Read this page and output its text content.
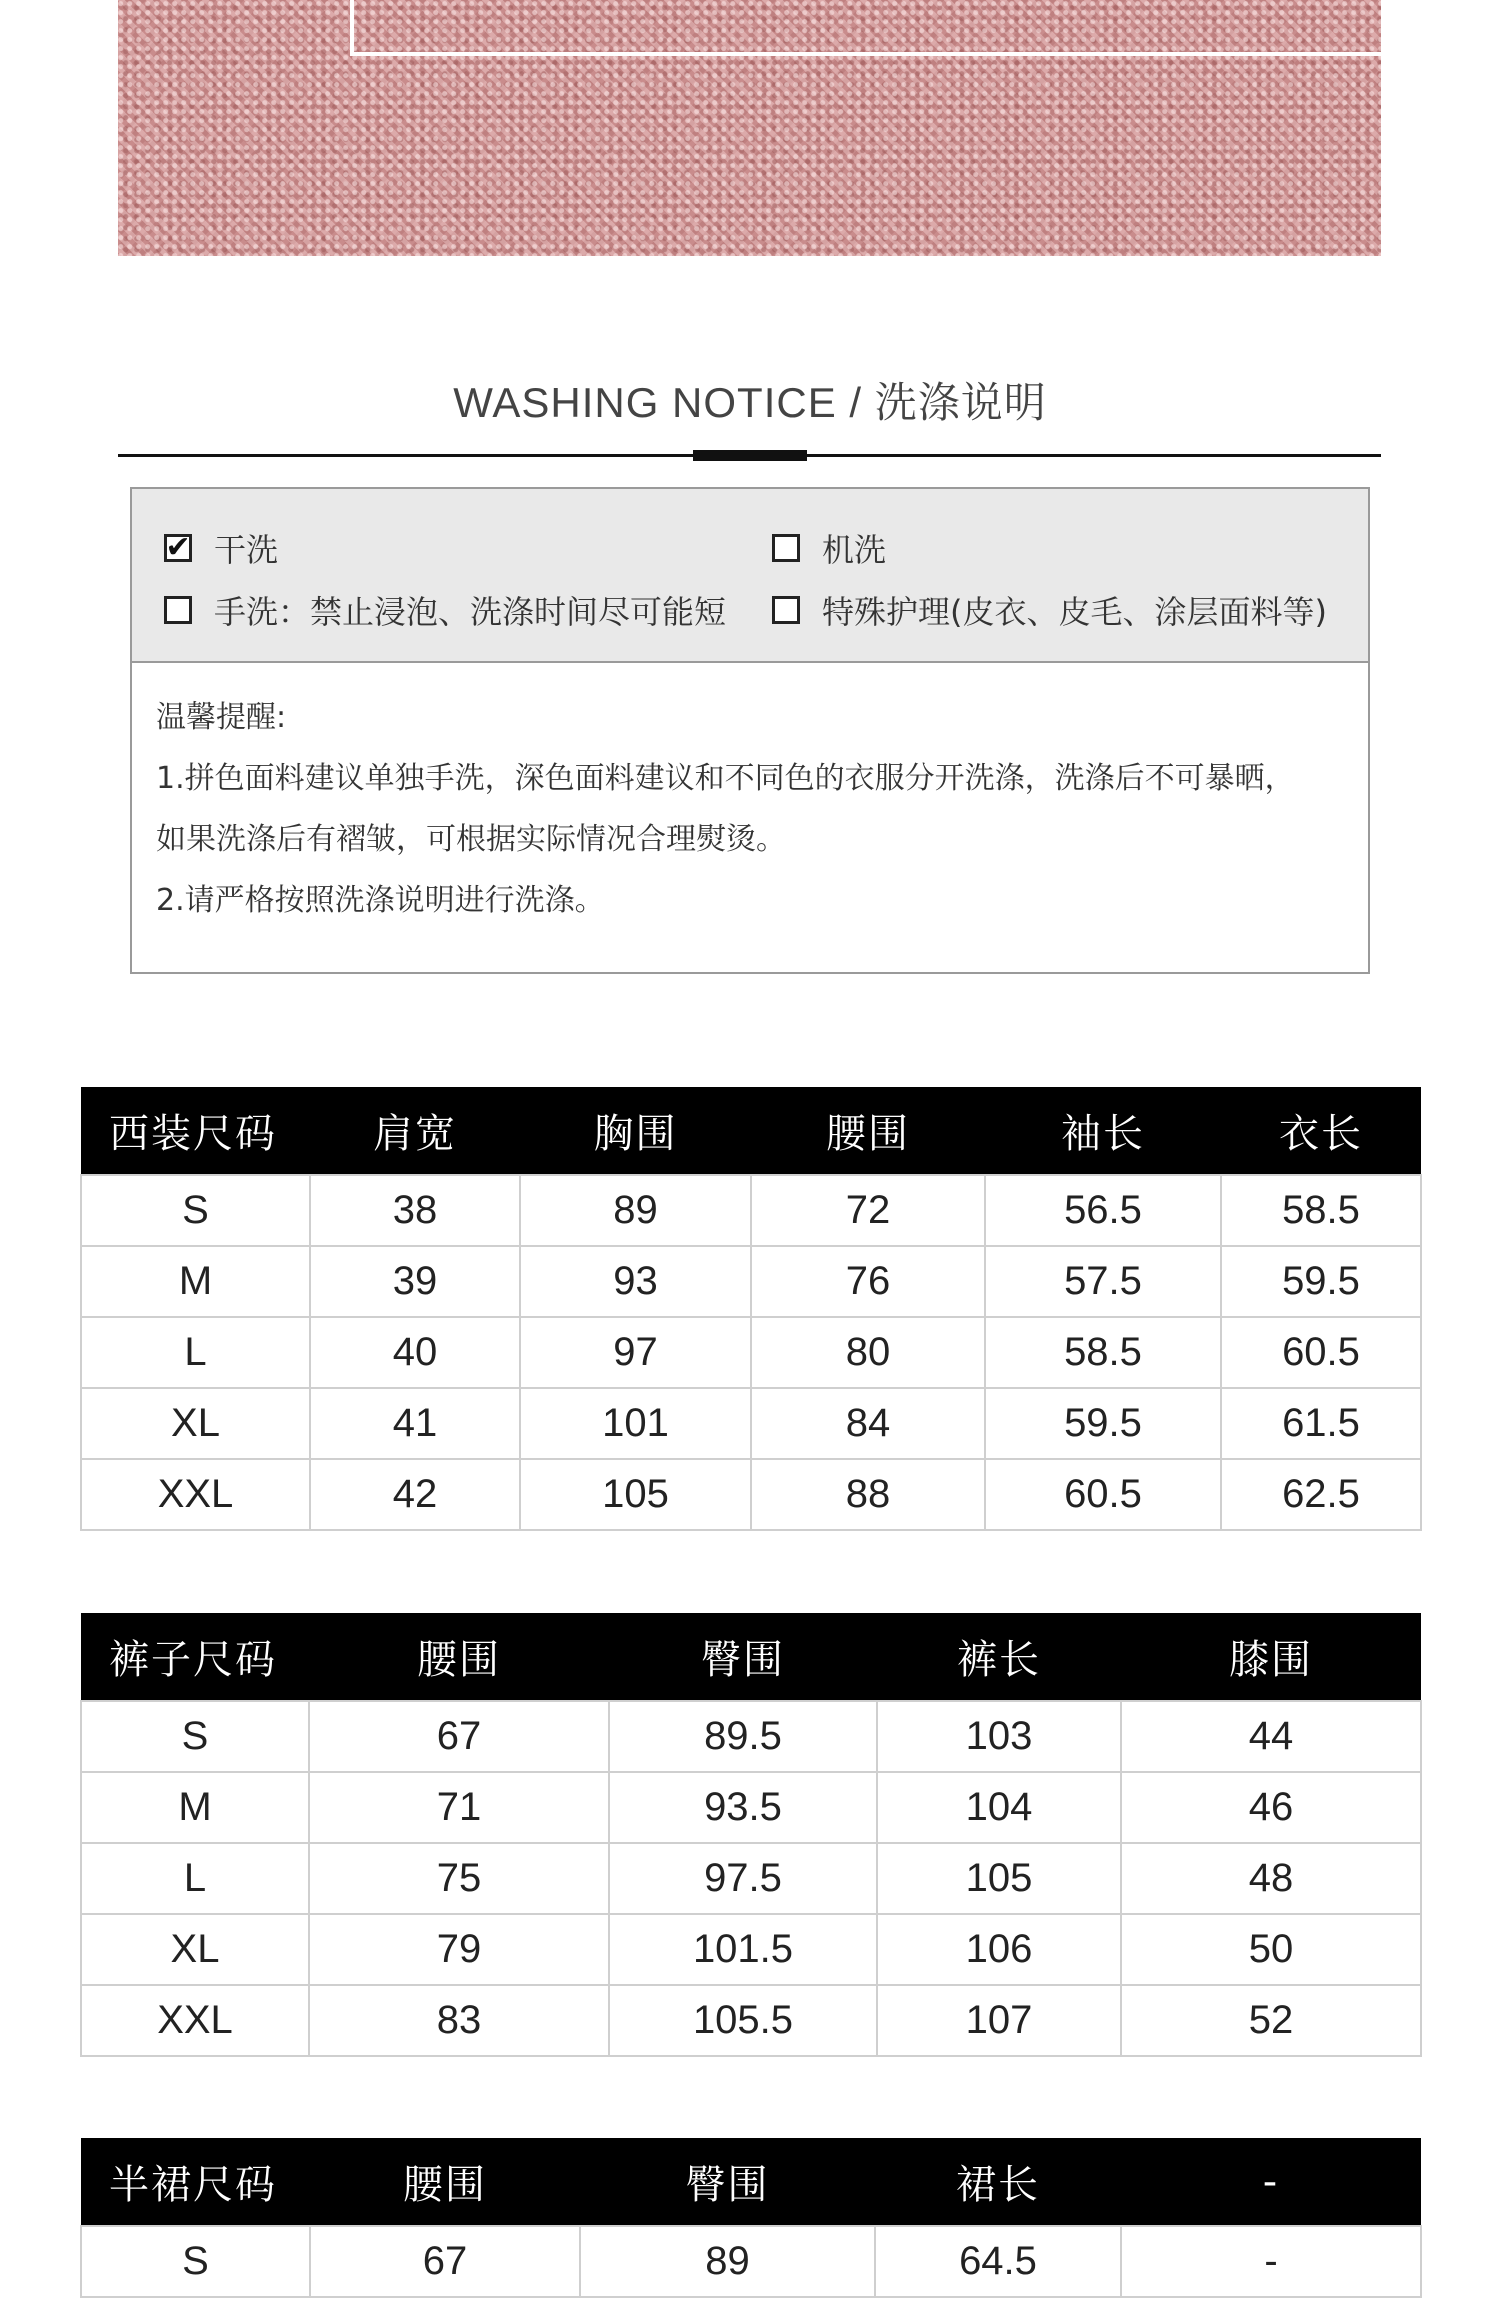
WASHING NOTICE / 洗涤说明
✔ 干洗	机洗
手洗：禁止浸泡、洗涤时间尽可能短	特殊护理(皮衣、皮毛、涂层面料等)
温馨提醒:
1.拼色面料建议单独手洗，深色面料建议和不同色的衣服分开洗涤，洗涤后不可暴晒，
如果洗涤后有褶皱，可根据实际情况合理熨烫。
2.请严格按照洗涤说明进行洗涤。
西装尺码	肩宽	胸围	腰围	袖长	衣长
S	38	89	72	56.5	58.5
M	39	93	76	57.5	59.5
L	40	97	80	58.5	60.5
XL	41	101	84	59.5	61.5
XXL	42	105	88	60.5	62.5
裤子尺码	腰围	臀围	裤长	膝围
S	67	89.5	103	44
M	71	93.5	104	46
L	75	97.5	105	48
XL	79	101.5	106	50
XXL	83	105.5	107	52
半裙尺码	腰围	臀围	裙长	-
S	67	89	64.5	-
